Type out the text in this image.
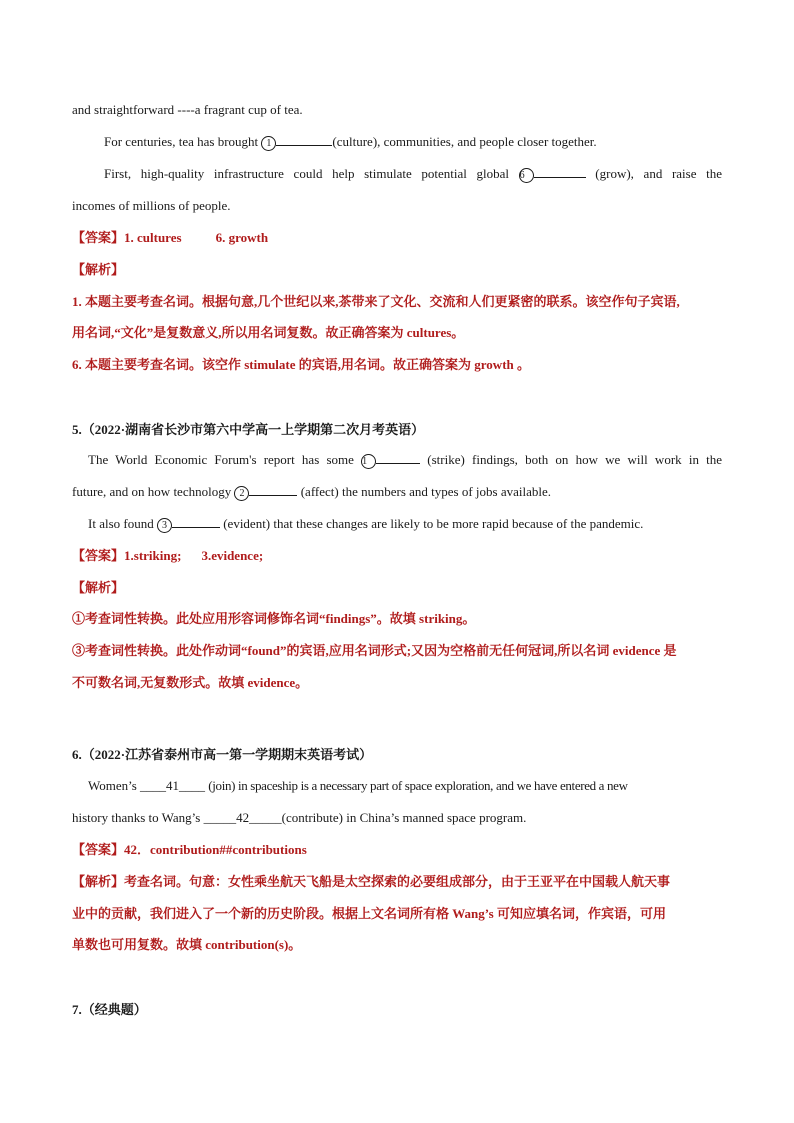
and straightforward ----a fragrant cup of tea.
For centuries, tea has brought 1	(culture), communities, and people closer together.
First, high-quality infrastructure could help stimulate potential global 6	(grow), and raise the
incomes of millions of people.
【答案】1. cultures	6. growth
【解析】
1. 本题主要考查名词。根据句意,几个世纪以来,茶带来了文化、交流和人们更紧密的联系。该空作句子宾语,
用名词,“文化”是复数意义,所以用名词复数。故正确答案为 cultures。
6. 本题主要考查名词。该空作 stimulate 的宾语,用名词。故正确答案为 growth 。
5.（2022·湖南省长沙市第六中学高一上学期第二次月考英语）
The World Economic Forum's report has some 1	(strike) findings, both on how we will work in the
future, and on how technology 2	(affect) the numbers and types of jobs available.
It also found 3	(evident) that these changes are likely to be more rapid because of the pandemic.
【答案】1.striking; 3.evidence;
【解析】
①考查词性转换。此处应用形容词修饰名词“findings”。故填 striking。
③考查词性转换。此处作动词“found”的宾语,应用名词形式;又因为空格前无任何冠词,所以名词 evidence 是
不可数名词,无复数形式。故填 evidence。
6.（2022·江苏省泰州市高一第一学期期末英语考试）
Women’s ____41____ (join) in spaceship is a necessary part of space exploration, and we have entered a new
history thanks to Wang’s _____42_____(contribute) in China’s manned space program.
【答案】42．contribution##contributions
【解析】考查名词。句意：女性乘坐航天飞船是太空探索的必要组成部分，由于王亚平在中国载人航天事
业中的贡献，我们进入了一个新的历史阶段。根据上文名词所有格 Wang’s 可知应填名词，作宾语，可用
单数也可用复数。故填 contribution(s)。
7.（经典题）
